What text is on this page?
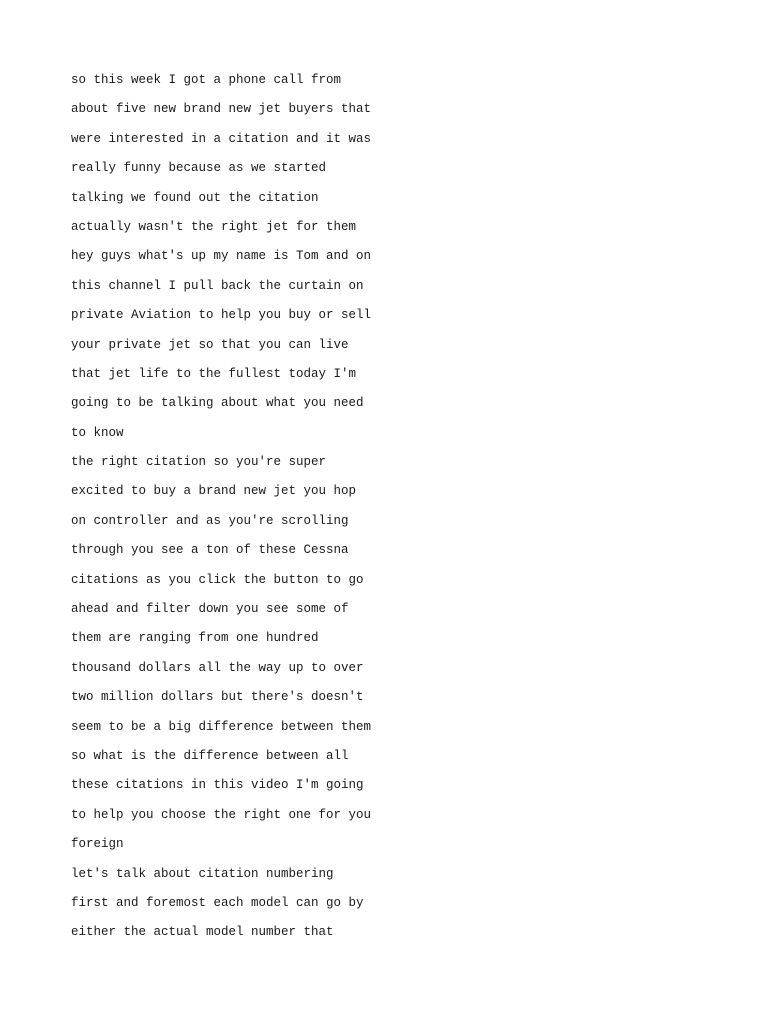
so this week I got a phone call from
about five new brand new jet buyers that
were interested in a citation and it was
really funny because as we started
talking we found out the citation
actually wasn't the right jet for them
hey guys what's up my name is Tom and on
this channel I pull back the curtain on
private Aviation to help you buy or sell
your private jet so that you can live
that jet life to the fullest today I'm
going to be talking about what you need
to know
the right citation so you're super
excited to buy a brand new jet you hop
on controller and as you're scrolling
through you see a ton of these Cessna
citations as you click the button to go
ahead and filter down you see some of
them are ranging from one hundred
thousand dollars all the way up to over
two million dollars but there's doesn't
seem to be a big difference between them
so what is the difference between all
these citations in this video I'm going
to help you choose the right one for you
foreign
let's talk about citation numbering
first and foremost each model can go by
either the actual model number that
